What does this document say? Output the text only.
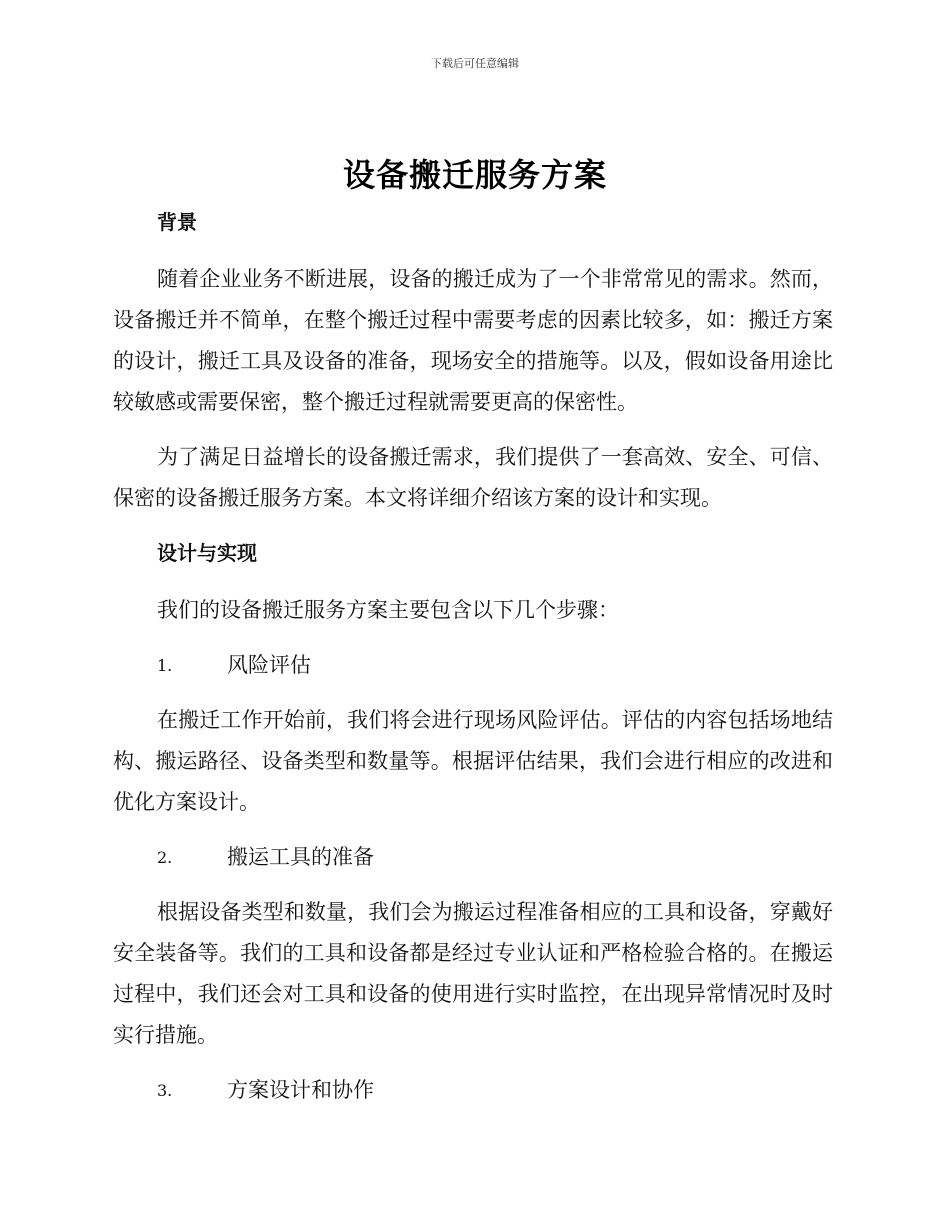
下载后可任意编辑
设备搬迁服务方案
背景

随着企业业务不断进展，设备的搬迁成为了一个非常常见的需求。然而，设备搬迁并不简单，在整个搬迁过程中需要考虑的因素比较多，如：搬迁方案的设计，搬迁工具及设备的准备，现场安全的措施等。以及，假如设备用途比较敏感或需要保密，整个搬迁过程就需要更高的保密性。

为了满足日益增长的设备搬迁需求，我们提供了一套高效、安全、可信、保密的设备搬迁服务方案。本文将详细介绍该方案的设计和实现。

设计与实现

我们的设备搬迁服务方案主要包含以下几个步骤：

1.	风险评估

在搬迁工作开始前，我们将会进行现场风险评估。评估的内容包括场地结构、搬运路径、设备类型和数量等。根据评估结果，我们会进行相应的改进和优化方案设计。

2.	搬运工具的准备

根据设备类型和数量，我们会为搬运过程准备相应的工具和设备，穿戴好安全装备等。我们的工具和设备都是经过专业认证和严格检验合格的。在搬运过程中，我们还会对工具和设备的使用进行实时监控，在出现异常情况时及时实行措施。

3.	方案设计和协作
